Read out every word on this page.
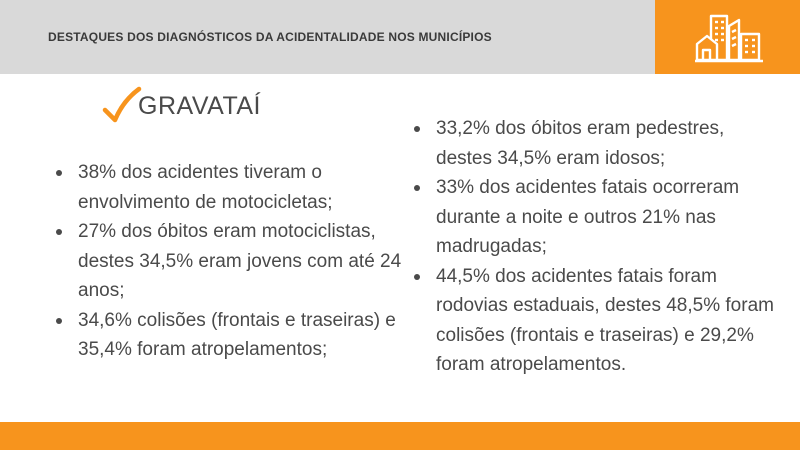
DESTAQUES DOS DIAGNÓSTICOS DA ACIDENTALIDADE NOS MUNICÍPIOS
GRAVATAÍ
38% dos acidentes tiveram o envolvimento de motocicletas;
27% dos óbitos eram motociclistas, destes 34,5% eram jovens com até 24 anos;
34,6% colisões (frontais e traseiras) e 35,4% foram atropelamentos;
33,2% dos óbitos eram pedestres, destes 34,5% eram idosos;
33% dos acidentes fatais ocorreram durante a noite e outros 21% nas madrugadas;
44,5% dos acidentes fatais foram rodovias estaduais, destes 48,5% foram colisões (frontais e traseiras) e 29,2% foram atropelamentos.
